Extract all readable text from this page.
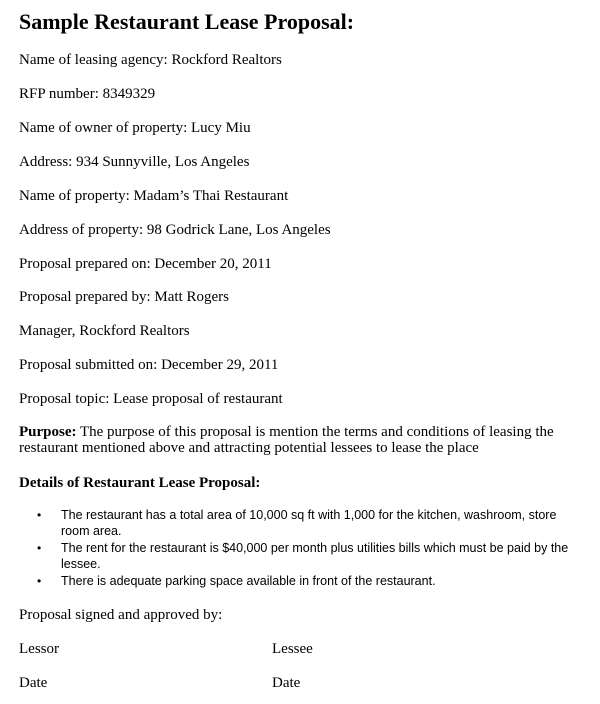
Sample Restaurant Lease Proposal:

Name of leasing agency: Rockford Realtors

RFP number: 8349329

Name of owner of property: Lucy Miu

Address: 934 Sunnyville, Los Angeles

Name of property: Madam’s Thai Restaurant

Address of property: 98 Godrick Lane, Los Angeles

Proposal prepared on: December 20, 2011

Proposal prepared by: Matt Rogers

Manager, Rockford Realtors

Proposal submitted on: December 29, 2011

Proposal topic: Lease proposal of restaurant

Purpose: The purpose of this proposal is mention the terms and conditions of leasing the restaurant mentioned above and attracting potential lessees to lease the place

Details of Restaurant Lease Proposal:

• The restaurant has a total area of 10,000 sq ft with 1,000 for the kitchen, washroom, store room area.
• The rent for the restaurant is $40,000 per month plus utilities bills which must be paid by the lessee.
• There is adequate parking space available in front of the restaurant.

Proposal signed and approved by:

Lessor	Lessee

Date	Date
